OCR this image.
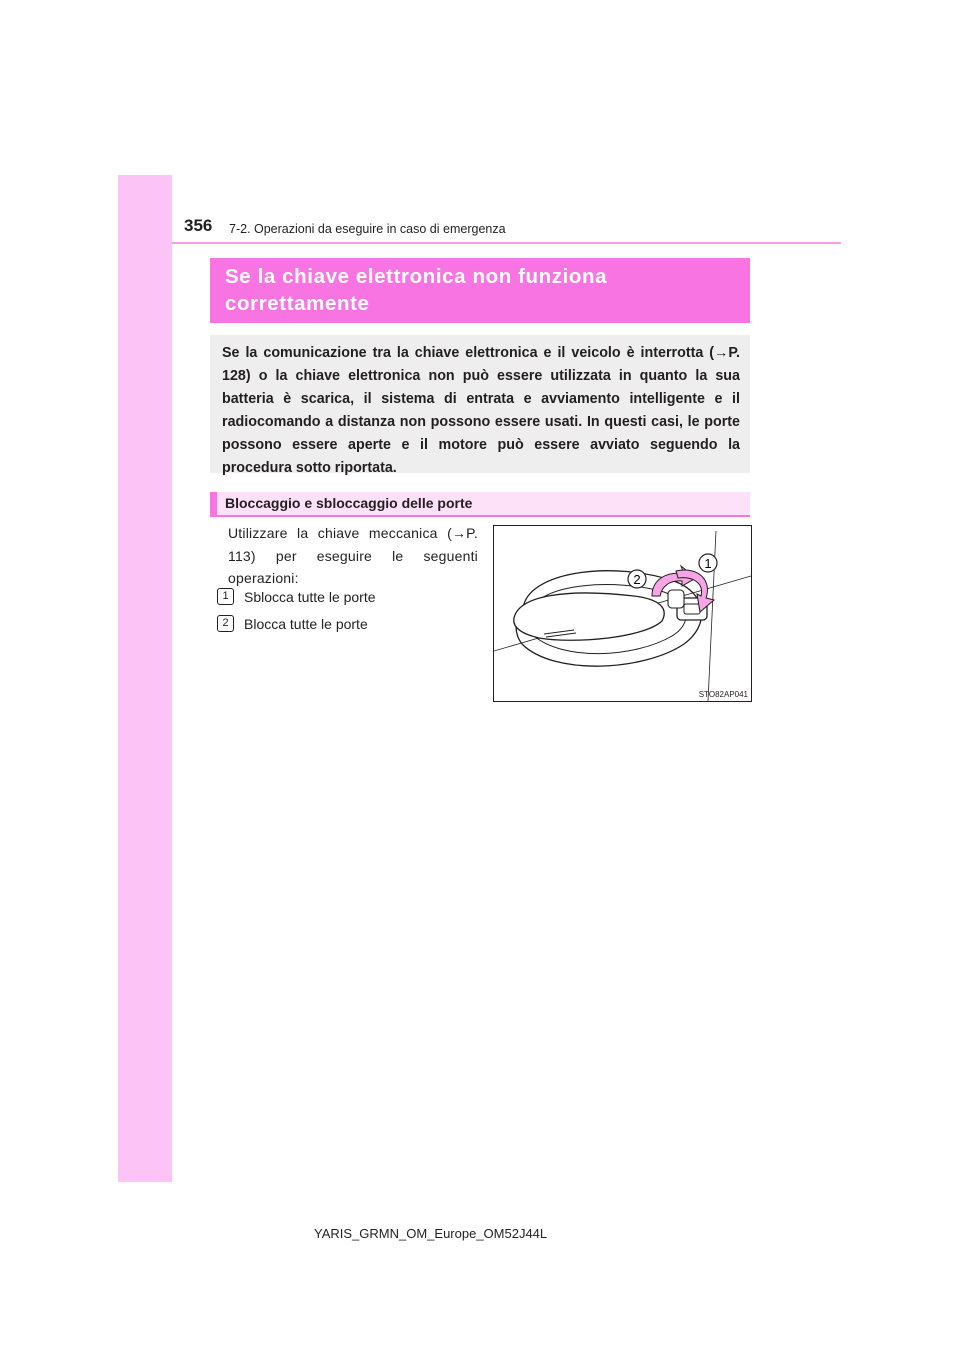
356 7-2. Operazioni da eseguire in caso di emergenza
Se la chiave elettronica non funziona
correttamente

Se la comunicazione tra la chiave elettronica e il veicolo è interrotta (→P. 128) o la chiave elettronica non può essere utilizzata in quanto la sua batteria è scarica, il sistema di entrata e avviamento intelligente e il radiocomando a distanza non possono essere usati. In questi casi, le porte possono essere aperte e il motore può essere avviato seguendo la procedura sotto riportata.

Bloccaggio e sbloccaggio delle porte
Utilizzare la chiave meccanica (→P. 113) per eseguire le seguenti operazioni:
1	Sblocca tutte le porte
2	Blocca tutte le porte
1
2
STO82AP041
YARIS_GRMN_OM_Europe_OM52J44L
